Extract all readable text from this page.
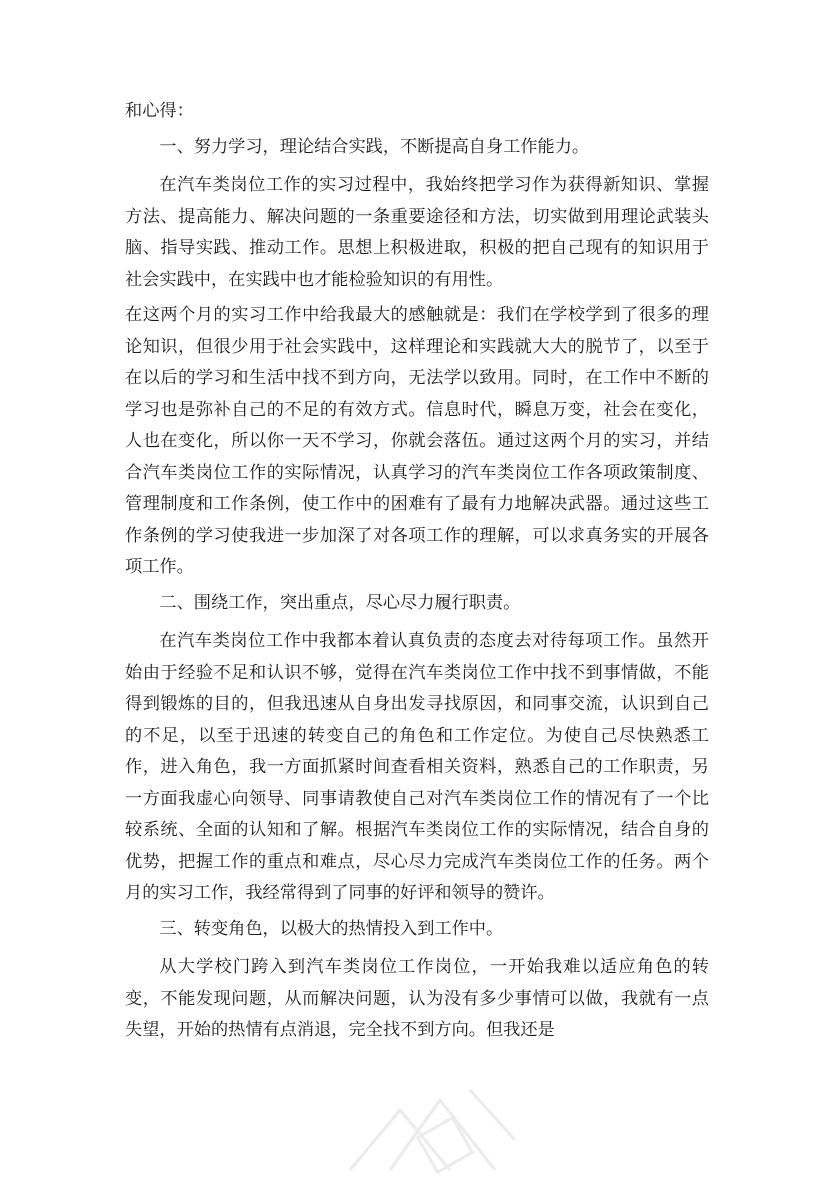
和心得：

一、努力学习，理论结合实践，不断提高自身工作能力。

在汽车类岗位工作的实习过程中，我始终把学习作为获得新知识、掌握方法、提高能力、解决问题的一条重要途径和方法，切实做到用理论武装头脑、指导实践、推动工作。思想上积极进取，积极的把自己现有的知识用于社会实践中，在实践中也才能检验知识的有用性。

在这两个月的实习工作中给我最大的感触就是：我们在学校学到了很多的理论知识，但很少用于社会实践中，这样理论和实践就大大的脱节了，以至于在以后的学习和生活中找不到方向，无法学以致用。同时，在工作中不断的学习也是弥补自己的不足的有效方式。信息时代，瞬息万变，社会在变化，人也在变化，所以你一天不学习，你就会落伍。通过这两个月的实习，并结合汽车类岗位工作的实际情况，认真学习的汽车类岗位工作各项政策制度、管理制度和工作条例，使工作中的困难有了最有力地解决武器。通过这些工作条例的学习使我进一步加深了对各项工作的理解，可以求真务实的开展各项工作。

二、围绕工作，突出重点，尽心尽力履行职责。

在汽车类岗位工作中我都本着认真负责的态度去对待每项工作。虽然开始由于经验不足和认识不够，觉得在汽车类岗位工作中找不到事情做，不能得到锻炼的目的，但我迅速从自身出发寻找原因，和同事交流，认识到自己的不足，以至于迅速的转变自己的角色和工作定位。为使自己尽快熟悉工作，进入角色，我一方面抓紧时间查看相关资料，熟悉自己的工作职责，另一方面我虚心向领导、同事请教使自己对汽车类岗位工作的情况有了一个比较系统、全面的认知和了解。根据汽车类岗位工作的实际情况，结合自身的优势，把握工作的重点和难点，尽心尽力完成汽车类岗位工作的任务。两个月的实习工作，我经常得到了同事的好评和领导的赞许。

三、转变角色，以极大的热情投入到工作中。

从大学校门跨入到汽车类岗位工作岗位，一开始我难以适应角色的转变，不能发现问题，从而解决问题，认为没有多少事情可以做，我就有一点失望，开始的热情有点消退，完全找不到方向。但我还是
